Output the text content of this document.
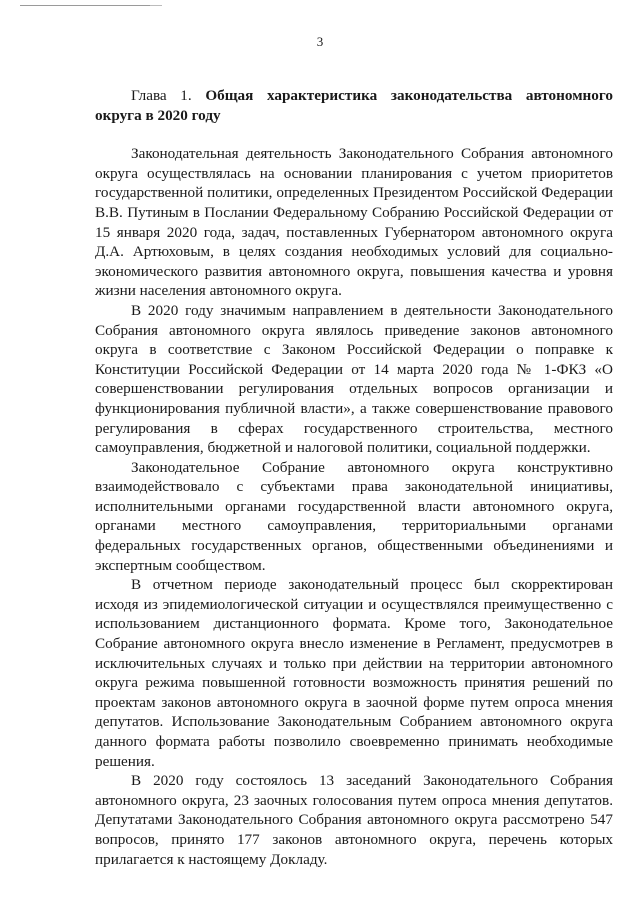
3

Глава 1. Общая характеристика законодательства автономного округа в 2020 году

Законодательная деятельность Законодательного Собрания автономного округа осуществлялась на основании планирования с учетом приоритетов государственной политики, определенных Президентом Российской Федерации В.В. Путиным в Послании Федеральному Собранию Российской Федерации от 15 января 2020 года, задач, поставленных Губернатором автономного округа Д.А. Артюховым, в целях создания необходимых условий для социально-экономического развития автономного округа, повышения качества и уровня жизни населения автономного округа.

В 2020 году значимым направлением в деятельности Законодательного Собрания автономного округа являлось приведение законов автономного округа в соответствие с Законом Российской Федерации о поправке к Конституции Российской Федерации от 14 марта 2020 года № 1-ФКЗ «О совершенствовании регулирования отдельных вопросов организации и функционирования публичной власти», а также совершенствование правового регулирования в сферах государственного строительства, местного самоуправления, бюджетной и налоговой политики, социальной поддержки.

Законодательное Собрание автономного округа конструктивно взаимодействовало с субъектами права законодательной инициативы, исполнительными органами государственной власти автономного округа, органами местного самоуправления, территориальными органами федеральных государственных органов, общественными объединениями и экспертным сообществом.

В отчетном периоде законодательный процесс был скорректирован исходя из эпидемиологической ситуации и осуществлялся преимущественно с использованием дистанционного формата. Кроме того, Законодательное Собрание автономного округа внесло изменение в Регламент, предусмотрев в исключительных случаях и только при действии на территории автономного округа режима повышенной готовности возможность принятия решений по проектам законов автономного округа в заочной форме путем опроса мнения депутатов. Использование Законодательным Собранием автономного округа данного формата работы позволило своевременно принимать необходимые решения.

В 2020 году состоялось 13 заседаний Законодательного Собрания автономного округа, 23 заочных голосования путем опроса мнения депутатов. Депутатами Законодательного Собрания автономного округа рассмотрено 547 вопросов, принято 177 законов автономного округа, перечень которых прилагается к настоящему Докладу.
